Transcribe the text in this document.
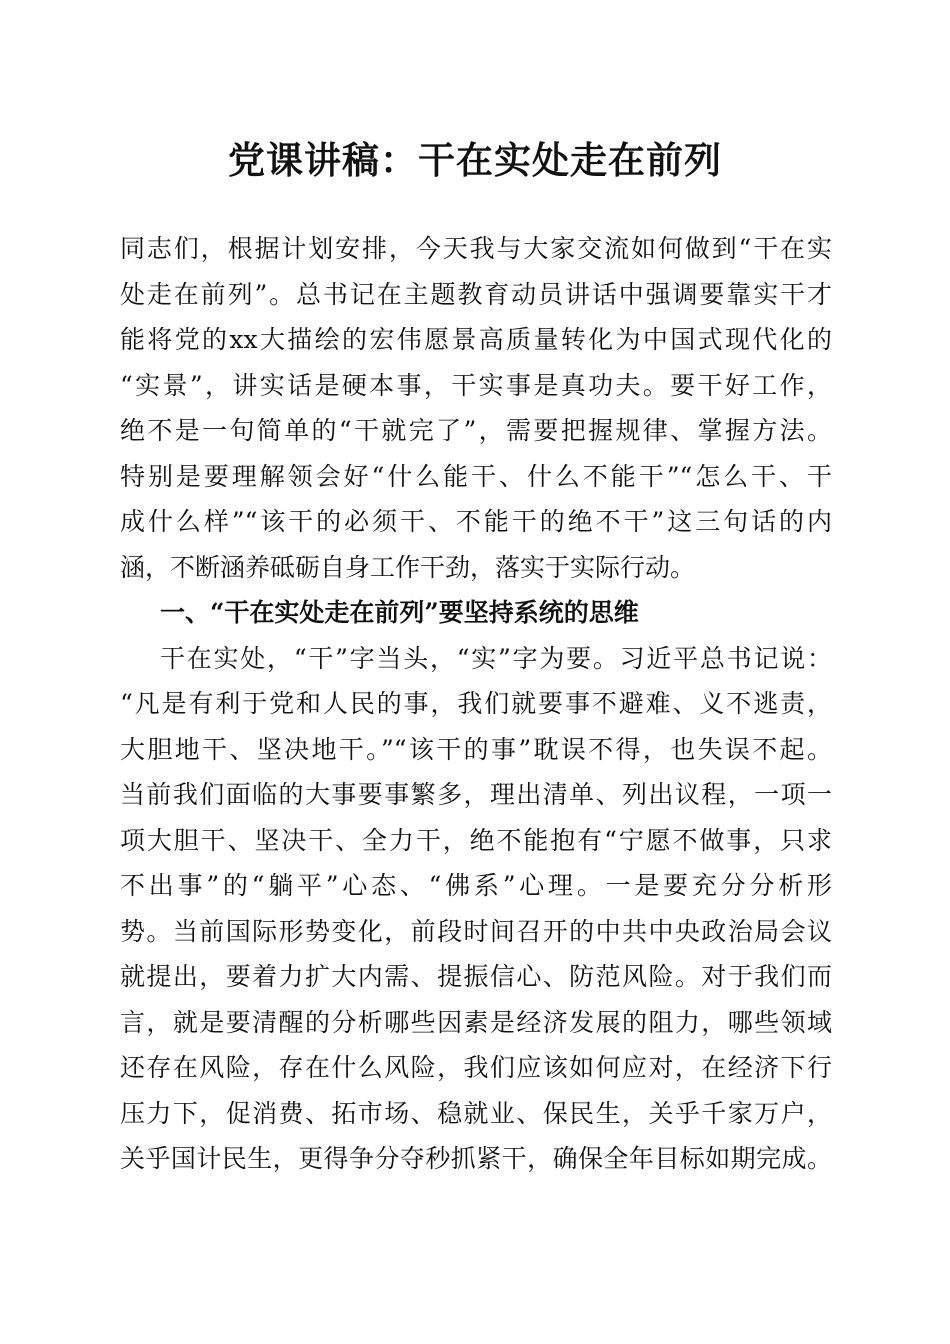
党课讲稿：干在实处走在前列
同志们，根据计划安排，今天我与大家交流如何做到“干在实
处走在前列”。总书记在主题教育动员讲话中强调要靠实干才
能将党的xx大描绘的宏伟愿景高质量转化为中国式现代化的
“实景”，讲实话是硬本事，干实事是真功夫。要干好工作，
绝不是一句简单的“干就完了”，需要把握规律、掌握方法。
特别是要理解领会好“什么能干、什么不能干”“怎么干、干
成什么样”“该干的必须干、不能干的绝不干”这三句话的内
涵，不断涵养砥砺自身工作干劲，落实于实际行动。
一、“干在实处走在前列”要坚持系统的思维
干在实处，“干”字当头，“实”字为要。习近平总书记说：
“凡是有利于党和人民的事，我们就要事不避难、义不逃责，
大胆地干、坚决地干。”“该干的事”耽误不得，也失误不起。
当前我们面临的大事要事繁多，理出清单、列出议程，一项一
项大胆干、坚决干、全力干，绝不能抱有“宁愿不做事，只求
不出事”的“躺平”心态、“佛系”心理。一是要充分分析形
势。当前国际形势变化，前段时间召开的中共中央政治局会议
就提出，要着力扩大内需、提振信心、防范风险。对于我们而
言，就是要清醒的分析哪些因素是经济发展的阻力，哪些领域
还存在风险，存在什么风险，我们应该如何应对，在经济下行
压力下，促消费、拓市场、稳就业、保民生，关乎千家万户，
关乎国计民生，更得争分夺秒抓紧干，确保全年目标如期完成。
